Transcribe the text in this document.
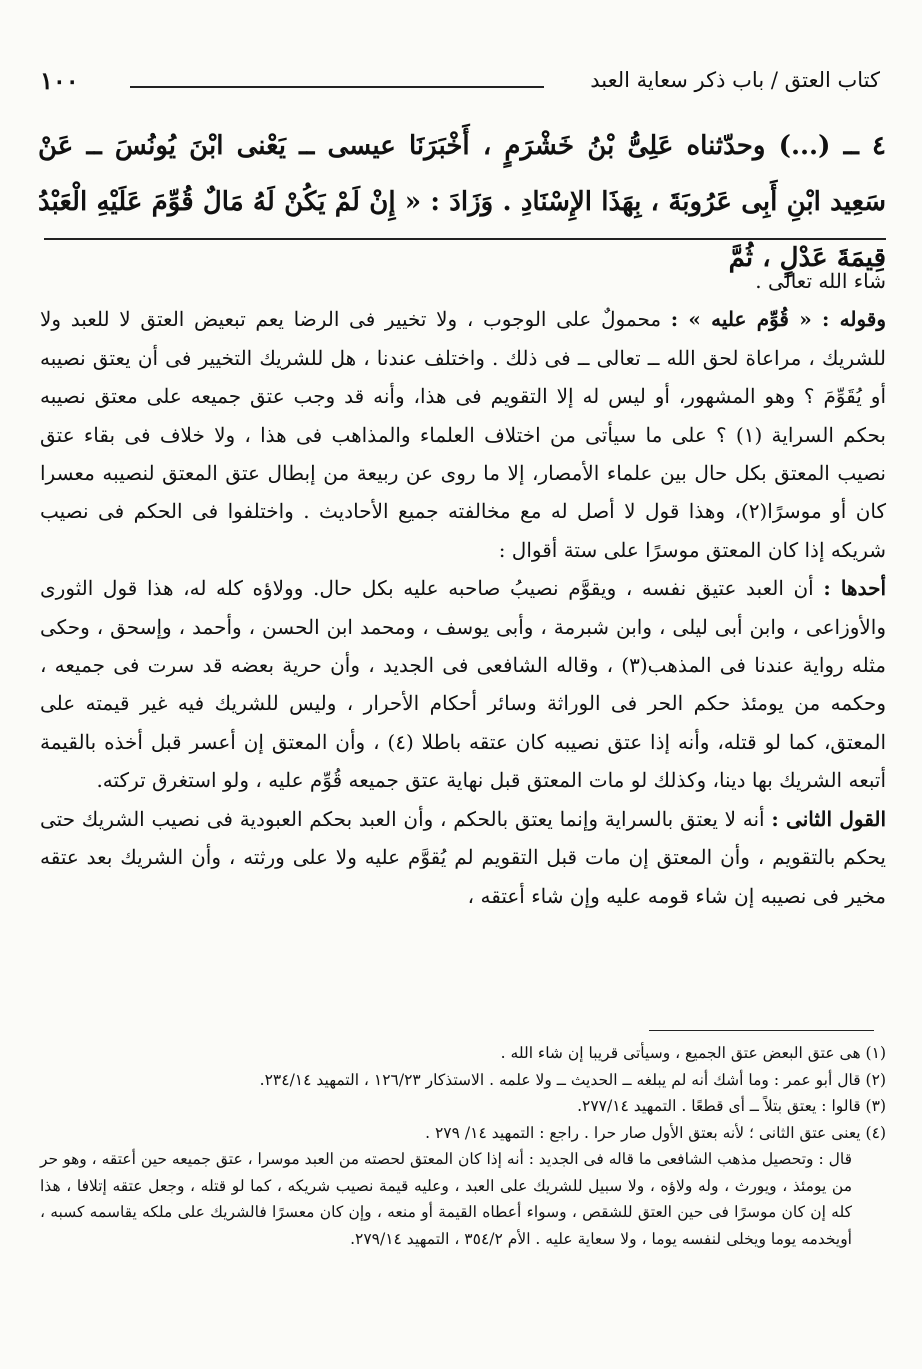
كتاب العتق / باب ذكر سعاية العبد
١٠٠
٤ ــ (...) وحدّثناه عَلِىُّ بْنُ خَشْرَمٍ ، أَخْبَرَنَا عيسى ــ يَعْنى ابْنَ يُونُسَ ــ عَنْ سَعِيد ابْنِ أَبِى عَرُوبَةَ ، بِهَذَا الإِسْنَادِ . وَزَادَ : « إِنْ لَمْ يَكُنْ لَهُ مَالٌ قُوِّمَ عَلَيْهِ الْعَبْدُ قِيمَةَ عَدْلٍ ، ثُمَّ

شاء الله تعالى .

وقوله : « قُوِّم عليه » : محمولٌ على الوجوب ، ولا تخيير فى الرضا يعم تبعيض العتق لا للعبد ولا للشريك ، مراعاة لحق الله ــ تعالى ــ فى ذلك . واختلف عندنا ، هل للشريك التخيير فى أن يعتق نصيبه أو يُقَوِّمَ ؟ وهو المشهور، أو ليس له إلا التقويم فى هذا، وأنه قد وجب عتق جميعه على معتق نصيبه بحكم السراية (١) ؟ على ما سيأتى من اختلاف العلماء والمذاهب فى هذا ، ولا خلاف فى بقاء عتق نصيب المعتق بكل حال بين علماء الأمصار، إلا ما روى عن ربيعة من إبطال عتق المعتق لنصيبه معسرا كان أو موسرًا(٢)، وهذا قول لا أصل له مع مخالفته جميع الأحاديث . واختلفوا فى الحكم فى نصيب شريكه إذا كان المعتق موسرًا على ستة أقوال :

أحدها : أن العبد عتيق نفسه ، ويقوَّم نصيبُ صاحبه عليه بكل حال. وولاؤه كله له، هذا قول الثورى والأوزاعى ، وابن أبى ليلى ، وابن شبرمة ، وأبى يوسف ، ومحمد ابن الحسن ، وأحمد ، وإسحق ، وحكى مثله رواية عندنا فى المذهب(٣) ، وقاله الشافعى فى الجديد ، وأن حرية بعضه قد سرت فى جميعه ، وحكمه من يومئذ حكم الحر فى الوراثة وسائر أحكام الأحرار ، وليس للشريك فيه غير قيمته على المعتق، كما لو قتله، وأنه إذا عتق نصيبه كان عتقه باطلا (٤) ، وأن المعتق إن أعسر قبل أخذه بالقيمة أتبعه الشريك بها دينا، وكذلك لو مات المعتق قبل نهاية عتق جميعه قُوِّم عليه ، ولو استغرق تركته.

القول الثانى : أنه لا يعتق بالسراية وإنما يعتق بالحكم ، وأن العبد بحكم العبودية فى نصيب الشريك حتى يحكم بالتقويم ، وأن المعتق إن مات قبل التقويم لم يُقوَّم عليه ولا على ورثته ، وأن الشريك بعد عتقه مخير فى نصيبه إن شاء قومه عليه وإن شاء أعتقه ،

(١) هى عتق البعض عتق الجميع ، وسيأتى قريبا إن شاء الله .

(٢) قال أبو عمر : وما أشك أنه لم يبلغه ــ الحديث ــ ولا علمه . الاستذكار ١٢٦/٢٣ ، التمهيد ٢٣٤/١٤.

(٣) قالوا : يعتق بتلاً ــ أى قطعًا . التمهيد ٢٧٧/١٤.

(٤) يعنى عتق الثانى ؛ لأنه بعتق الأول صار حرا . راجع : التمهيد ١٤/ ٢٧٩ .

قال : وتحصيل مذهب الشافعى ما قاله فى الجديد : أنه إذا كان المعتق لحصته من العبد موسرا ، عتق جميعه حين أعتقه ، وهو حر من يومئذ ، ويورث ، وله ولاؤه ، ولا سبيل للشريك على العبد ، وعليه قيمة نصيب شريكه ، كما لو قتله ، وجعل عتقه إتلافا ، هذا كله إن كان موسرًا فى حين العتق للشقص ، وسواء أعطاه القيمة أو منعه ، وإن كان معسرًا فالشريك على ملكه يقاسمه كسبه ، أويخدمه يوما ويخلى لنفسه يوما ، ولا سعاية عليه . الأم ٣٥٤/٢ ، التمهيد ٢٧٩/١٤.
